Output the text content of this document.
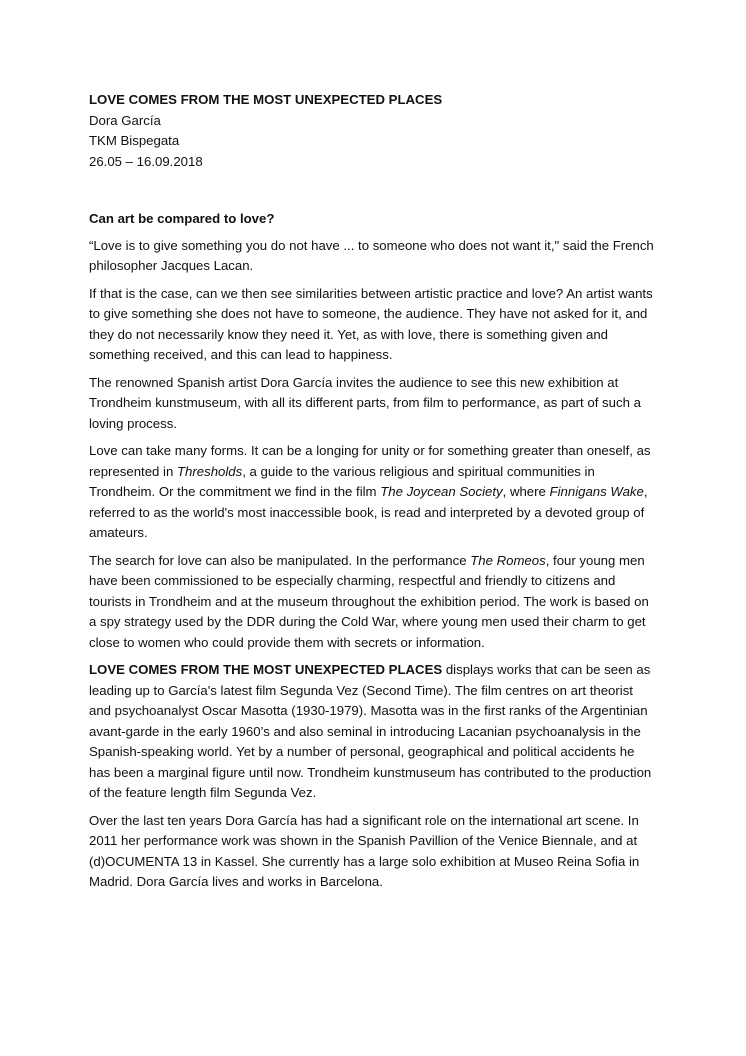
LOVE COMES FROM THE MOST UNEXPECTED PLACES
Dora García
TKM Bispegata
26.05 – 16.09.2018
Can art be compared to love?

“Love is to give something you do not have ... to someone who does not want it," said the French philosopher Jacques Lacan.

If that is the case, can we then see similarities between artistic practice and love? An artist wants to give something she does not have to someone, the audience. They have not asked for it, and they do not necessarily know they need it. Yet, as with love, there is something given and something received, and this can lead to happiness.

The renowned Spanish artist Dora García invites the audience to see this new exhibition at Trondheim kunstmuseum, with all its different parts, from film to performance, as part of such a loving process.

Love can take many forms. It can be a longing for unity or for something greater than oneself, as represented in Thresholds, a guide to the various religious and spiritual communities in Trondheim. Or the commitment we find in the film The Joycean Society, where Finnigans Wake, referred to as the world's most inaccessible book, is read and interpreted by a devoted group of amateurs.

The search for love can also be manipulated. In the performance The Romeos, four young men have been commissioned to be especially charming, respectful and friendly to citizens and tourists in Trondheim and at the museum throughout the exhibition period. The work is based on a spy strategy used by the DDR during the Cold War, where young men used their charm to get close to women who could provide them with secrets or information.

LOVE COMES FROM THE MOST UNEXPECTED PLACES displays works that can be seen as leading up to García's latest film Segunda Vez (Second Time). The film centres on art theorist and psychoanalyst Oscar Masotta (1930-1979). Masotta was in the first ranks of the Argentinian avant-garde in the early 1960’s and also seminal in introducing Lacanian psychoanalysis in the Spanish-speaking world. Yet by a number of personal, geographical and political accidents he has been a marginal figure until now. Trondheim kunstmuseum has contributed to the production of the feature length film Segunda Vez.

Over the last ten years Dora García has had a significant role on the international art scene. In 2011 her performance work was shown in the Spanish Pavillion of the Venice Biennale, and at (d)OCUMENTA 13 in Kassel. She currently has a large solo exhibition at Museo Reina Sofia in Madrid. Dora García lives and works in Barcelona.
